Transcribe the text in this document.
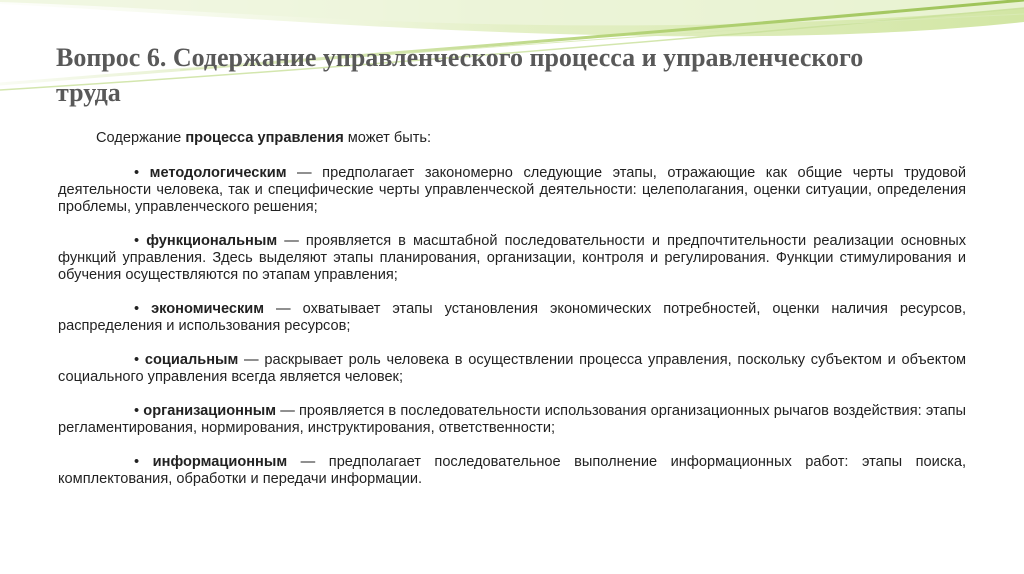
Вопрос 6. Содержание управленческого процесса и управленческого труда

Содержание процесса управления может быть:

• методологическим — предполагает закономерно следующие этапы, отражающие как общие черты трудовой деятельности человека, так и специфические черты управленческой деятельности: целеполагания, оценки ситуации, определения проблемы, управленческого решения;

• функциональным — проявляется в масштабной последовательности и предпочтительности реализации основных функций управления. Здесь выделяют этапы планирования, организации, контроля и регулирования. Функции стимулирования и обучения осуществляются по этапам управления;

• экономическим — охватывает этапы установления экономических потребностей, оценки наличия ресурсов, распределения и использования ресурсов;

• социальным — раскрывает роль человека в осуществлении процесса управления, поскольку субъектом и объектом социального управления всегда является человек;

• организационным — проявляется в последовательности использования организационных рычагов воздействия: этапы регламентирования, нормирования, инструктирования, ответственности;

• информационным — предполагает последовательное выполнение информационных работ: этапы поиска, комплектования, обработки и передачи информации.
